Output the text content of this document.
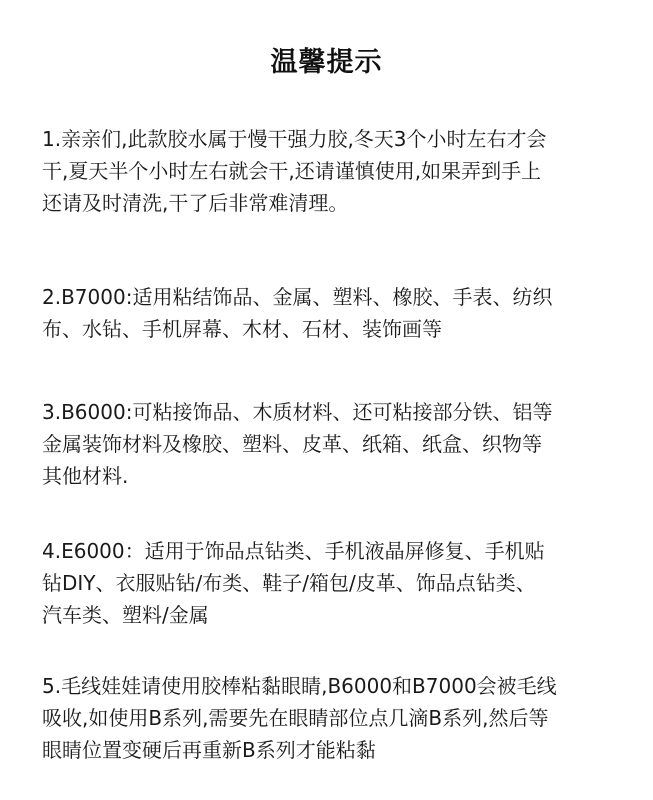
温馨提示
1.亲亲们,此款胶水属于慢干强力胶,冬天3个小时左右才会
干,夏天半个小时左右就会干,还请谨慎使用,如果弄到手上
还请及时清洗,干了后非常难清理。
2.B7000:适用粘结饰品、金属、塑料、橡胶、手表、纺织
布、水钻、手机屏幕、木材、石材、装饰画等
3.B6000:可粘接饰品、木质材料、还可粘接部分铁、铝等
金属装饰材料及橡胶、塑料、皮革、纸箱、纸盒、织物等
其他材料.
4.E6000：适用于饰品点钻类、手机液晶屏修复、手机贴
钻DIY、衣服贴钻/布类、鞋子/箱包/皮革、饰品点钻类、
汽车类、塑料/金属
5.毛线娃娃请使用胶棒粘黏眼睛,B6000和B7000会被毛线
吸收,如使用B系列,需要先在眼睛部位点几滴B系列,然后等
眼睛位置变硬后再重新B系列才能粘黏
